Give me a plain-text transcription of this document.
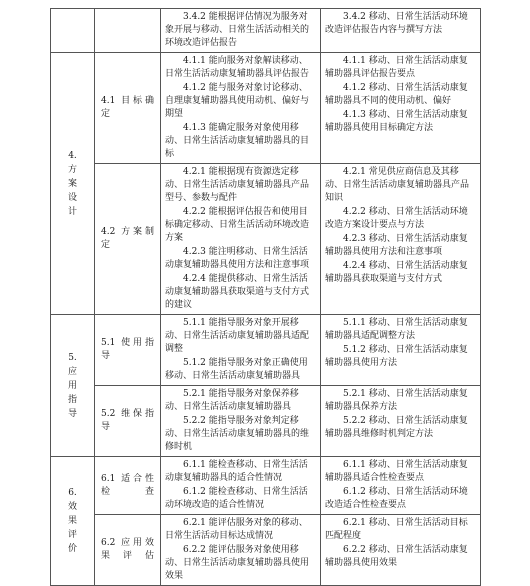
		3.4.2 能根据评估情况为服务对象开展与移动、日常生活活动相关的环境改造评估报告	3.4.2 移动、日常生活活动环境改造评估报告内容与撰写方法

4.
方案设计	4.1 目标确定	4.1.1 能向服务对象解读移动、日常生活活动康复辅助器具评估报告
4.1.2 能与服务对象讨论移动、自理康复辅助器具使用动机、偏好与期望
4.1.3 能确定服务对象使用移动、日常生活活动康复辅助器具的目标	4.1.1 移动、日常生活活动康复辅助器具评估报告要点
4.1.2 移动、日常生活活动康复辅助器具不同的使用动机、偏好
4.1.3 移动、日常生活活动康复辅助器具使用目标确定方法

	4.2 方案制定	4.2.1 能根据现有资源选定移动、日常生活活动康复辅助器具产品型号、参数与配件
4.2.2 能根据评估报告和使用目标确定移动、日常生活活动环境改造方案
4.2.3 能注明移动、日常生活活动康复辅助器具使用方法和注意事项
4.2.4 能提供移动、日常生活活动康复辅助器具获取渠道与支付方式的建议	4.2.1 常见供应商信息及其移动、日常生活活动康复辅助器具产品知识
4.2.2 移动、日常生活活动环境改造方案设计要点与方法
4.2.3 移动、日常生活活动康复辅助器具使用方法和注意事项
4.2.4 移动、日常生活活动康复辅助器具获取渠道与支付方式

5.
应用指导	5.1 使用指导	5.1.1 能指导服务对象开展移动、日常生活活动康复辅助器具适配调整
5.1.2 能指导服务对象正确使用移动、日常生活活动康复辅助器具	5.1.1 移动、日常生活活动康复辅助器具适配调整方法
5.1.2 移动、日常生活活动康复辅助器具使用方法

	5.2 维保指导	5.2.1 能指导服务对象保养移动、日常生活活动康复辅助器具
5.2.2 能指导服务对象判定移动、日常生活活动康复辅助器具的维修时机	5.2.1 移动、日常生活活动康复辅助器具保养方法
5.2.2 移动、日常生活活动康复辅助器具维修时机判定方法

6.
效果评价	6.1 适合性检查	6.1.1 能检查移动、日常生活活动康复辅助器具的适合性情况
6.1.2 能检查移动、日常生活活动环境改造的适合性情况	6.1.1 移动、日常生活活动康复辅助器具适合性检查要点
6.1.2 移动、日常生活活动环境改造适合性检查要点

	6.2 应用效果评估	6.2.1 能评估服务对象的移动、日常生活活动目标达成情况
6.2.2 能评估服务对象使用移动、日常生活活动康复辅助器具使用效果	6.2.1 移动、日常生活活动目标匹配程度
6.2.2 移动、日常生活活动康复辅助器具使用效果
